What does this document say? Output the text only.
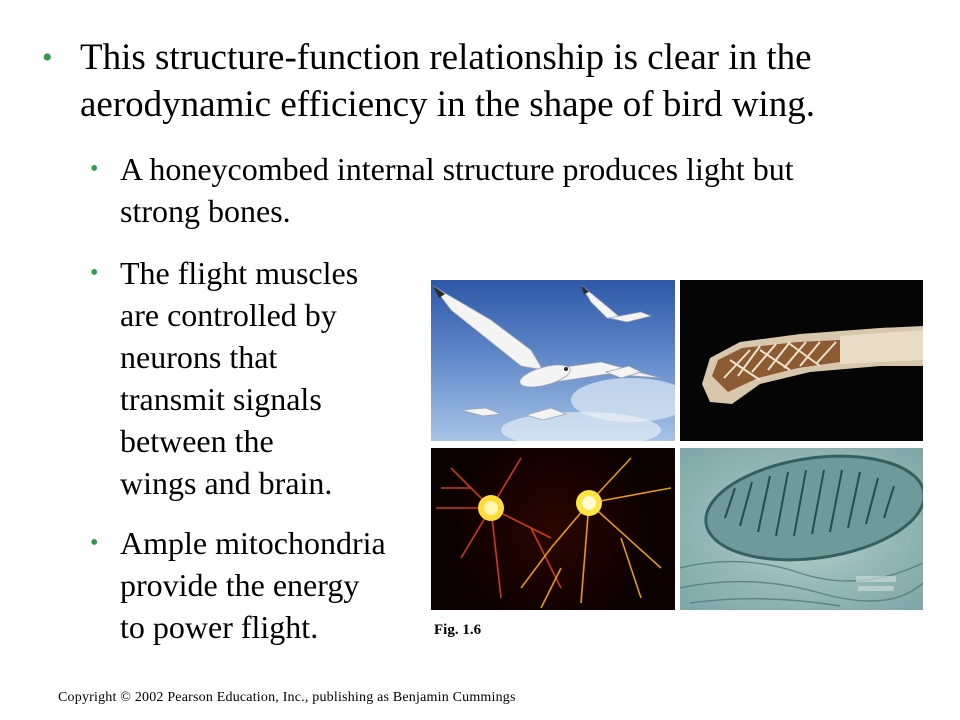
• This structure-function relationship is clear in the aerodynamic efficiency in the shape of bird wing.
• A honeycombed internal structure produces light but strong bones.
• The flight muscles
are controlled by
neurons that
transmit signals
between the
wings and brain.
• Ample mitochondria
provide the energy
to power flight.	Fig. 1.6
Copyright © 2002 Pearson Education, Inc., publishing as Benjamin Cummings
